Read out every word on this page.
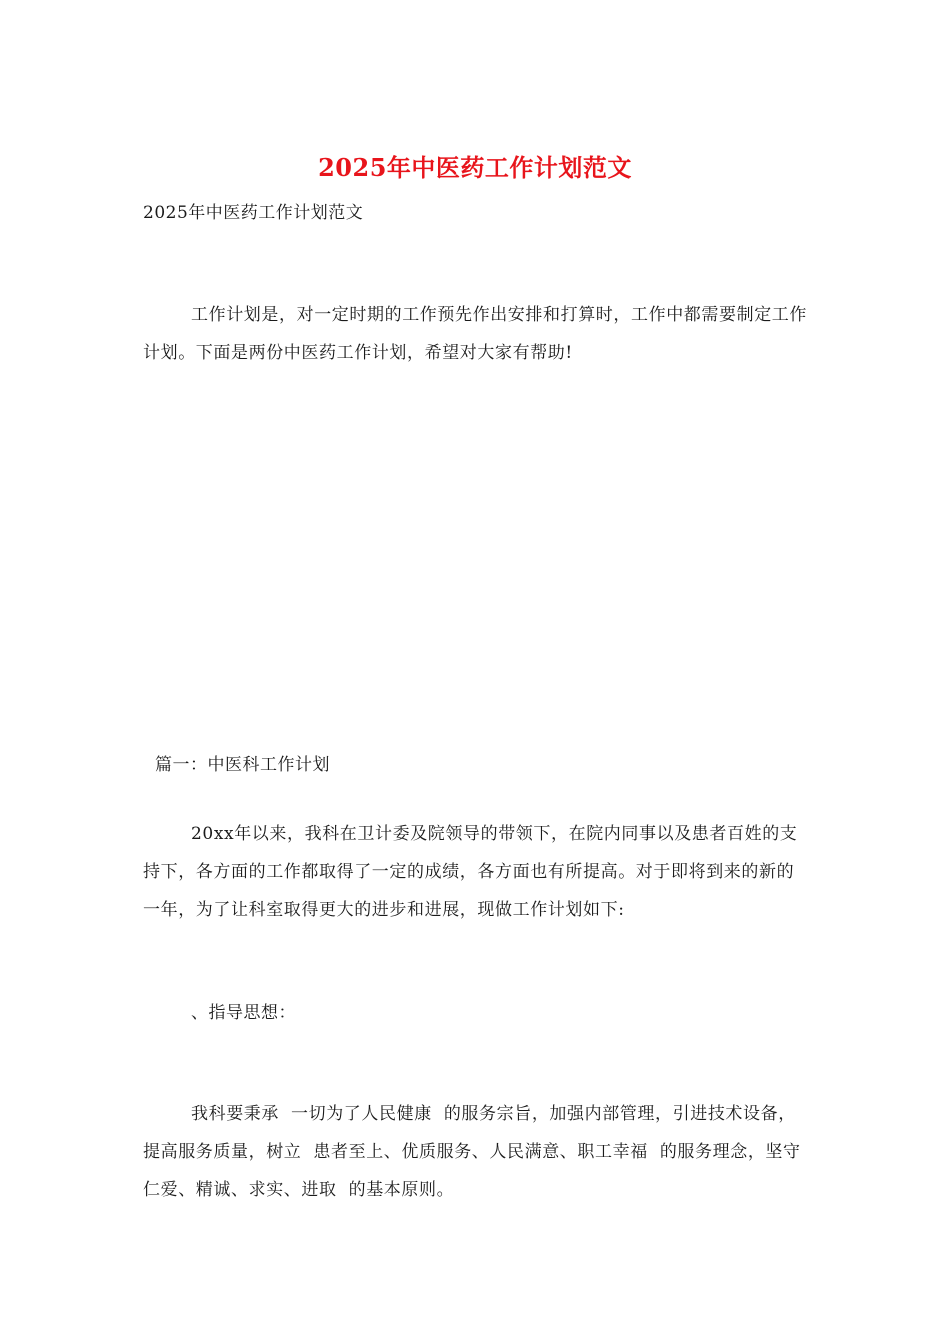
2025年中医药工作计划范文
2025年中医药工作计划范文

工作计划是，对一定时期的工作预先作出安排和打算时，工作中都需要制定工作计划。下面是两份中医药工作计划，希望对大家有帮助!

篇一：中医科工作计划

20xx年以来，我科在卫计委及院领导的带领下，在院内同事以及患者百姓的支持下，各方面的工作都取得了一定的成绩，各方面也有所提高。对于即将到来的新的一年，为了让科室取得更大的进步和进展，现做工作计划如下:

、指导思想：

我科要秉承  一切为了人民健康  的服务宗旨，加强内部管理，引进技术设备，提高服务质量，树立  患者至上、优质服务、人民满意、职工幸福  的服务理念，坚守  仁爱、精诚、求实、进取  的基本原则。
